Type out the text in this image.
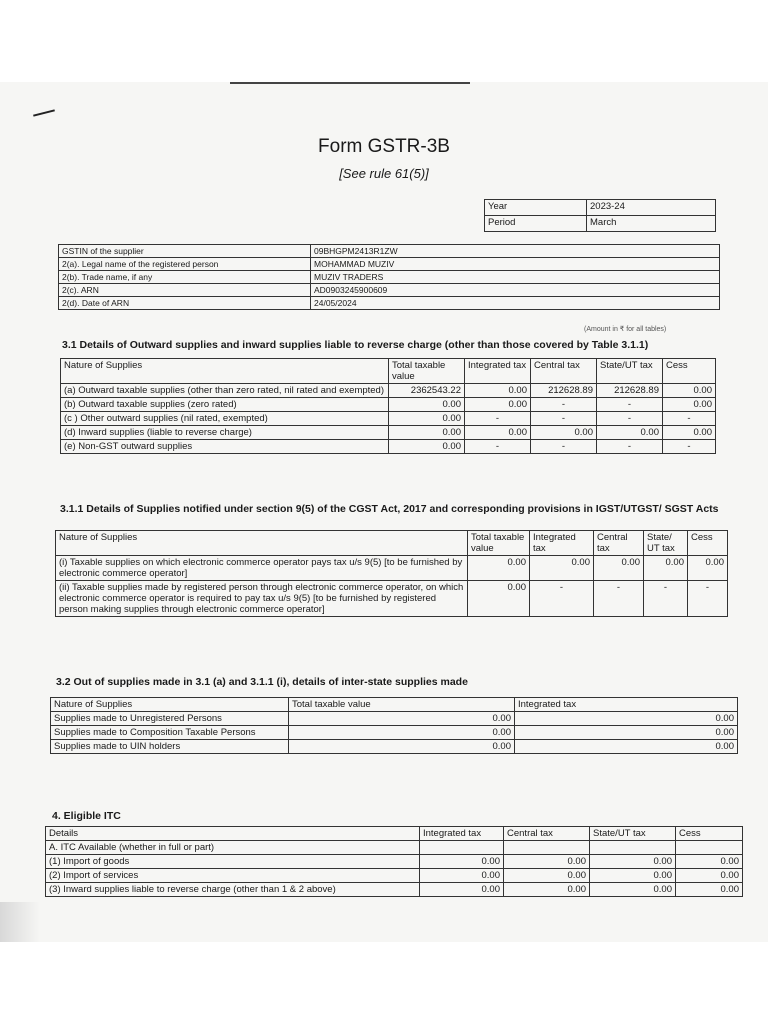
Form GSTR-3B
[See rule 61(5)]
Year	2023-24
Period	March
GSTIN of the supplier	09BHGPM2413R1ZW
2(a). Legal name of the registered person	MOHAMMAD MUZIV
2(b). Trade name, if any	MUZIV TRADERS
2(c). ARN	AD0903245900609
2(d). Date of ARN	24/05/2024
(Amount in ₹ for all tables)
3.1 Details of Outward supplies and inward supplies liable to reverse charge (other than those covered by Table 3.1.1)
Nature of Supplies	Total taxable value	Integrated tax	Central tax	State/UT tax	Cess
(a) Outward taxable supplies (other than zero rated, nil rated and exempted)	2362543.22	0.00	212628.89	212628.89	0.00
(b) Outward taxable supplies (zero rated)	0.00	0.00	-	-	0.00
(c ) Other outward supplies (nil rated, exempted)	0.00	-	-	-	-
(d) Inward supplies (liable to reverse charge)	0.00	0.00	0.00	0.00	0.00
(e) Non-GST outward supplies	0.00	-	-	-	-
3.1.1 Details of Supplies notified under section 9(5) of the CGST Act, 2017 and corresponding provisions in IGST/UTGST/ SGST Acts
Nature of Supplies	Total taxable value	Integrated tax	Central tax	State/ UT tax	Cess
(i) Taxable supplies on which electronic commerce operator pays tax u/s 9(5) [to be furnished by electronic commerce operator]	0.00	0.00	0.00	0.00	0.00
(ii) Taxable supplies made by registered person through electronic commerce operator, on which electronic commerce operator is required to pay tax u/s 9(5) [to be furnished by registered person making supplies through electronic commerce operator]	0.00	-	-	-	-
3.2 Out of supplies made in 3.1 (a) and 3.1.1 (i), details of inter-state supplies made
Nature of Supplies	Total taxable value	Integrated tax
Supplies made to Unregistered Persons	0.00	0.00
Supplies made to Composition Taxable Persons	0.00	0.00
Supplies made to UIN holders	0.00	0.00
4. Eligible ITC
Details	Integrated tax	Central tax	State/UT tax	Cess
A. ITC Available (whether in full or part)				
(1) Import of goods	0.00	0.00	0.00	0.00
(2) Import of services	0.00	0.00	0.00	0.00
(3) Inward supplies liable to reverse charge (other than 1 & 2 above)	0.00	0.00	0.00	0.00
